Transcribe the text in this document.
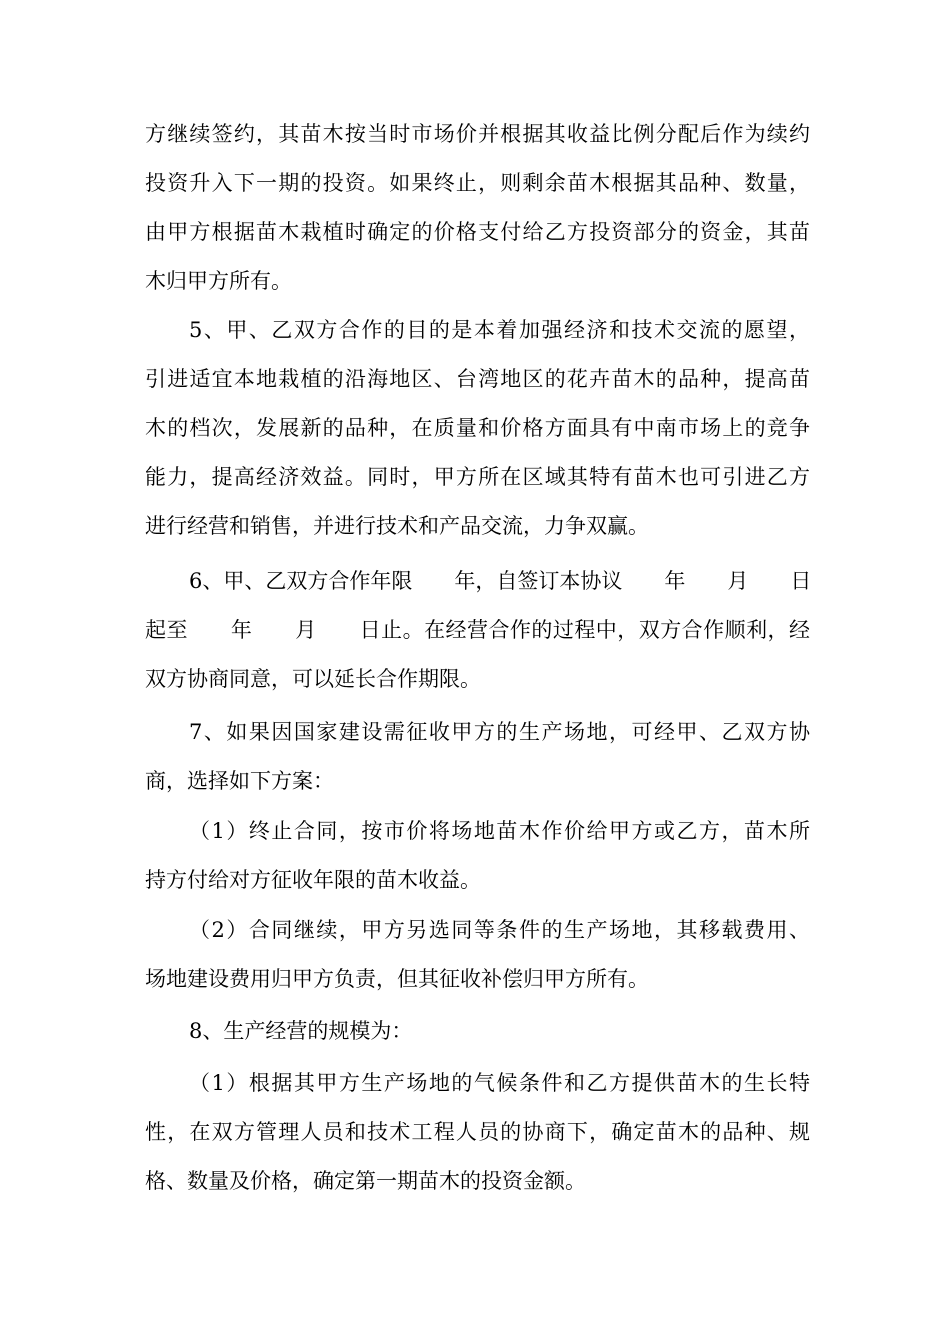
方继续签约，其苗木按当时市场价并根据其收益比例分配后作为续约
投资升入下一期的投资。如果终止，则剩余苗木根据其品种、数量，
由甲方根据苗木栽植时确定的价格支付给乙方投资部分的资金，其苗
木归甲方所有。
5、甲、乙双方合作的目的是本着加强经济和技术交流的愿望，
引进适宜本地栽植的沿海地区、台湾地区的花卉苗木的品种，提高苗
木的档次，发展新的品种，在质量和价格方面具有中南市场上的竞争
能力，提高经济效益。同时，甲方所在区域其特有苗木也可引进乙方
进行经营和销售，并进行技术和产品交流，力争双赢。
6、甲、乙双方合作年限　　年，自签订本协议　　年　　月　　日
起至　　年　　月　　日止。在经营合作的过程中，双方合作顺利，经
双方协商同意，可以延长合作期限。
7、如果因国家建设需征收甲方的生产场地，可经甲、乙双方协
商，选择如下方案：
（1）终止合同，按市价将场地苗木作价给甲方或乙方，苗木所
持方付给对方征收年限的苗木收益。
（2）合同继续，甲方另选同等条件的生产场地，其移载费用、
场地建设费用归甲方负责，但其征收补偿归甲方所有。
8、生产经营的规模为：
（1）根据其甲方生产场地的气候条件和乙方提供苗木的生长特
性，在双方管理人员和技术工程人员的协商下，确定苗木的品种、规
格、数量及价格，确定第一期苗木的投资金额。
